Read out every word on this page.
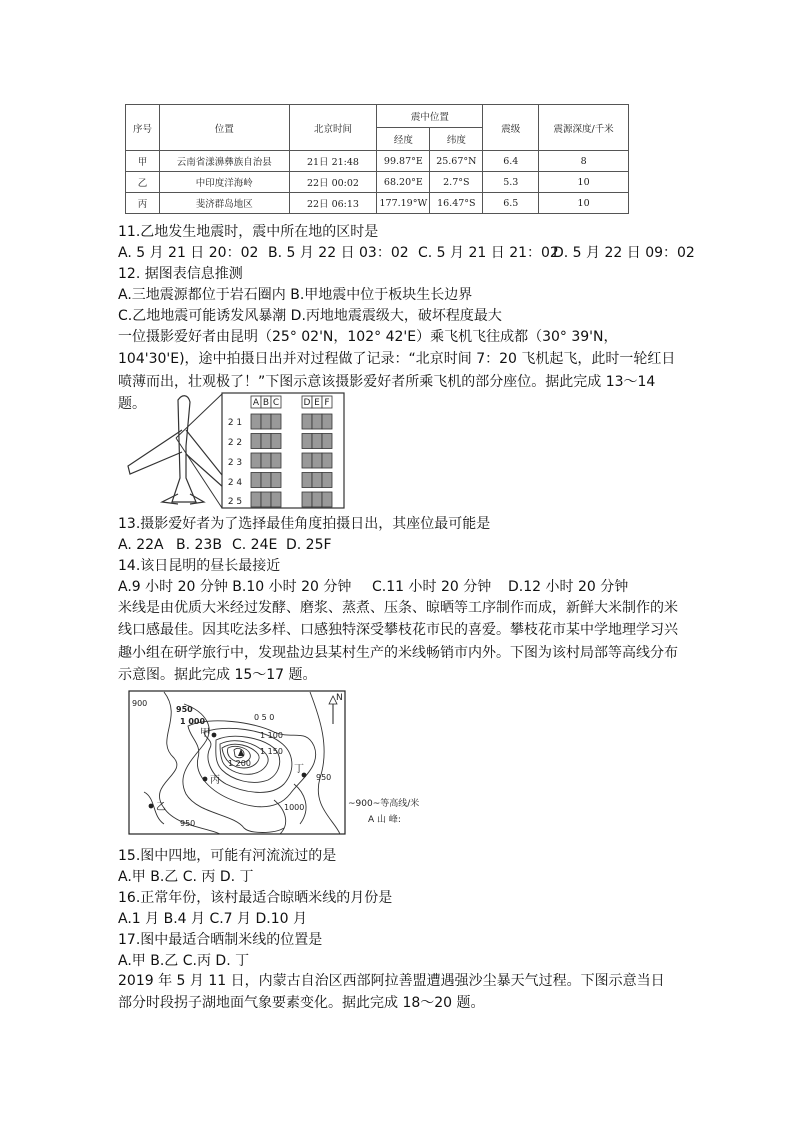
序号	位置	北京时间	震中位置		震级	震源深度/千米
			经度	纬度		
甲	云南省漾濞彝族自治县	21日 21:48	99.87°E	25.67°N	6.4	8
乙	中印度洋海岭	22日 00:02	68.20°E	2.7°S	5.3	10
丙	斐济群岛地区	22日 06:13	177.19°W	16.47°S	6.5	10
11.乙地发生地震时，震中所在地的区时是
A. 5 月 21 日 20：02 B. 5 月 22 日 03：02 C. 5 月 21 日 21：02
D. 5 月 22 日 09：02
12. 据图表信息推测
A.三地震源都位于岩石圈内 B.甲地震中位于板块生长边界
C.乙地地震可能诱发风暴潮 D.丙地地震震级大，破坏程度最大
一位摄影爱好者由昆明（25° 02'N，102° 42'E）乘飞机飞往成都（30° 39'N，104'30'E)，途中拍摄日出并对过程做了记录：“北京时间 7：20 飞机起飞，此时一轮红日喷薄而出，壮观极了！”下图示意该摄影爱好者所乘飞机的部分座位。据此完成 13～14 题。	A B C	D E F
2 1
2 2
2 3
2 4
2 5
13.摄影爱好者为了选择最佳角度拍摄日出，其座位最可能是
A. 22A B. 23B C. 24E D. 25F
14.该日昆明的昼长最接近
A.9 小时 20 分钟 B.10 小时 20 分钟 C.11 小时 20 分钟 D.12 小时 20 分钟
米线是由优质大米经过发酵、磨浆、蒸煮、压条、晾晒等工序制作而成，新鲜大米制作的米线口感最佳。因其吃法多样、口感独特深受攀枝花市民的喜爱。攀枝花市某中学地理学习兴趣小组在研学旅行中，发现盐边县某村生产的米线畅销市内外。下图为该村局部等高线分布示意图。据此完成 15～17 题。
900
950
1 000	0 5 0
1 100
1 150
1 200
950
1000
950
甲
丙
乙
丁
N
~900~等高线/米
A 山 峰:
15.图中四地，可能有河流流过的是
A.甲 B.乙 C. 丙 D. 丁
16.正常年份，该村最适合晾晒米线的月份是
A.1 月 B.4 月 C.7 月 D.10 月
17.图中最适合晒制米线的位置是
A.甲 B.乙 C.丙 D. 丁
2019 年 5 月 11 日，内蒙古自治区西部阿拉善盟遭遇强沙尘暴天气过程。下图示意当日部分时段拐子湖地面气象要素变化。据此完成 18～20 题。
